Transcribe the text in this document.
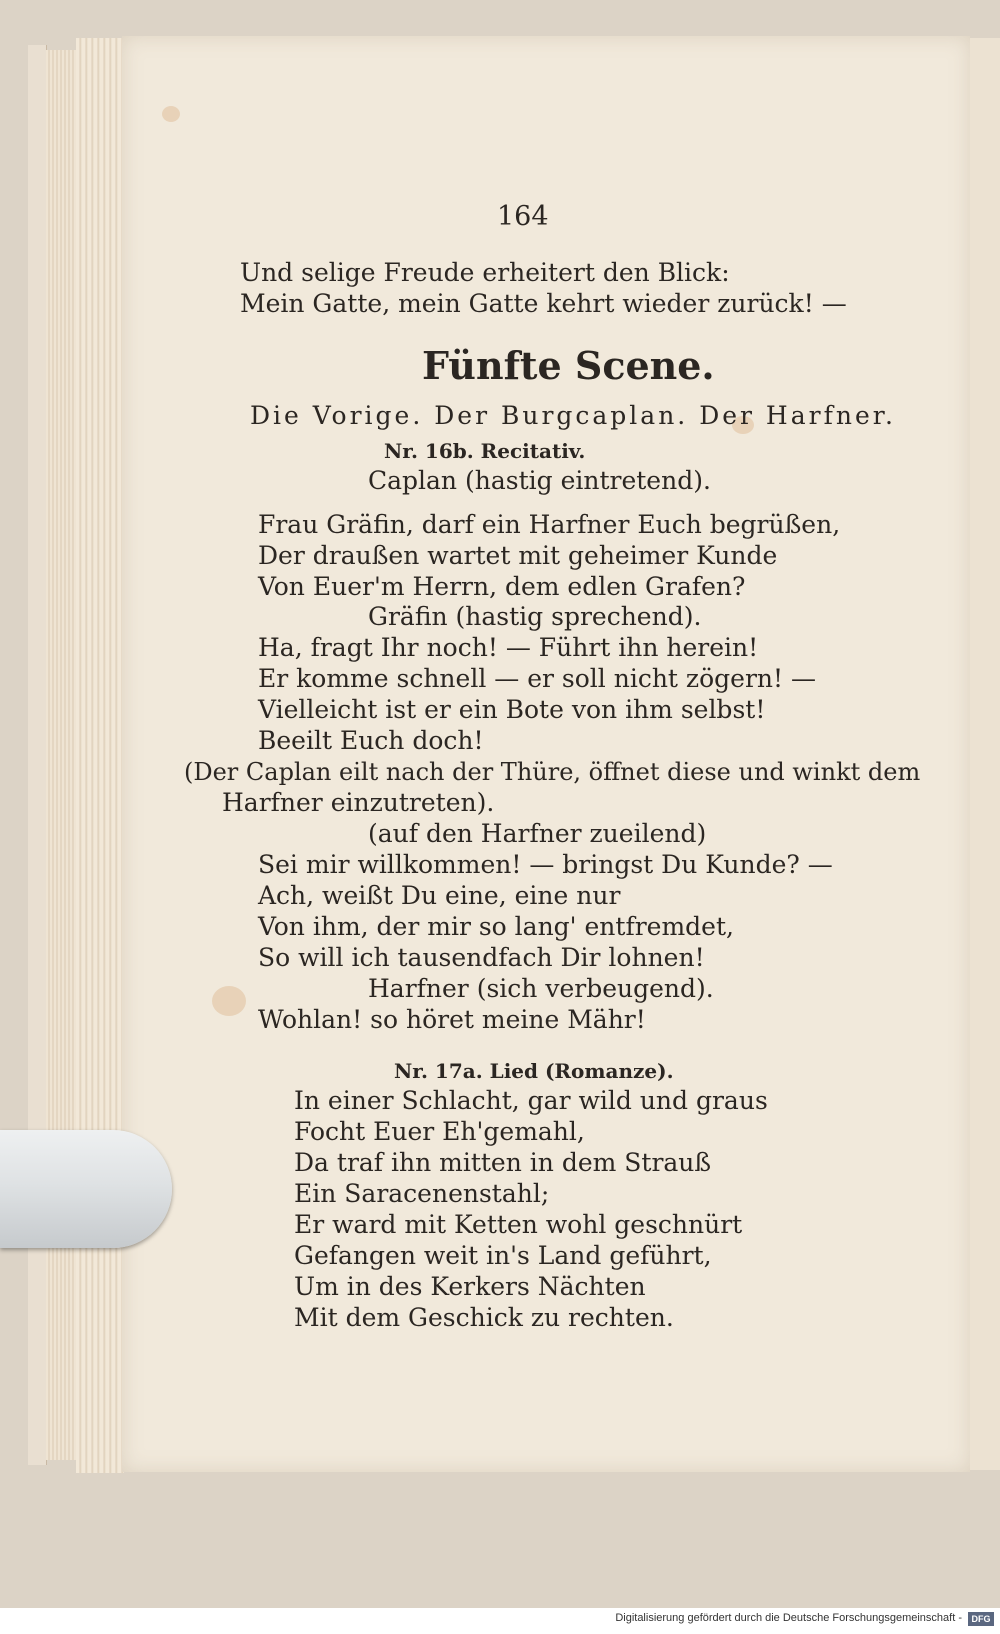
164
Und selige Freude erheitert den Blick:
Mein Gatte, mein Gatte kehrt wieder zurück! —
Fünfte Scene.
Die Vorige. Der Burgcaplan. Der Harfner.
Nr. 16b. Recitativ.
Caplan (hastig eintretend).
Frau Gräfin, darf ein Harfner Euch begrüßen,
Der draußen wartet mit geheimer Kunde
Von Euer'm Herrn, dem edlen Grafen?
Gräfin (hastig sprechend).
Ha, fragt Ihr noch! — Führt ihn herein!
Er komme schnell — er soll nicht zögern! —
Vielleicht ist er ein Bote von ihm selbst!
Beeilt Euch doch!
(Der Caplan eilt nach der Thüre, öffnet diese und winkt dem
Harfner einzutreten).
(auf den Harfner zueilend)
Sei mir willkommen! — bringst Du Kunde? —
Ach, weißt Du eine, eine nur
Von ihm, der mir so lang' entfremdet,
So will ich tausendfach Dir lohnen!
Harfner (sich verbeugend).
Wohlan! so höret meine Mähr!
Nr. 17a. Lied (Romanze).
In einer Schlacht, gar wild und graus
Focht Euer Eh'gemahl,
Da traf ihn mitten in dem Strauß
Ein Saracenenstahl;
Er ward mit Ketten wohl geschnürt
Gefangen weit in's Land geführt,
Um in des Kerkers Nächten
Mit dem Geschick zu rechten.
Digitalisierung gefördert durch die Deutsche Forschungsgemeinschaft -	DFG
